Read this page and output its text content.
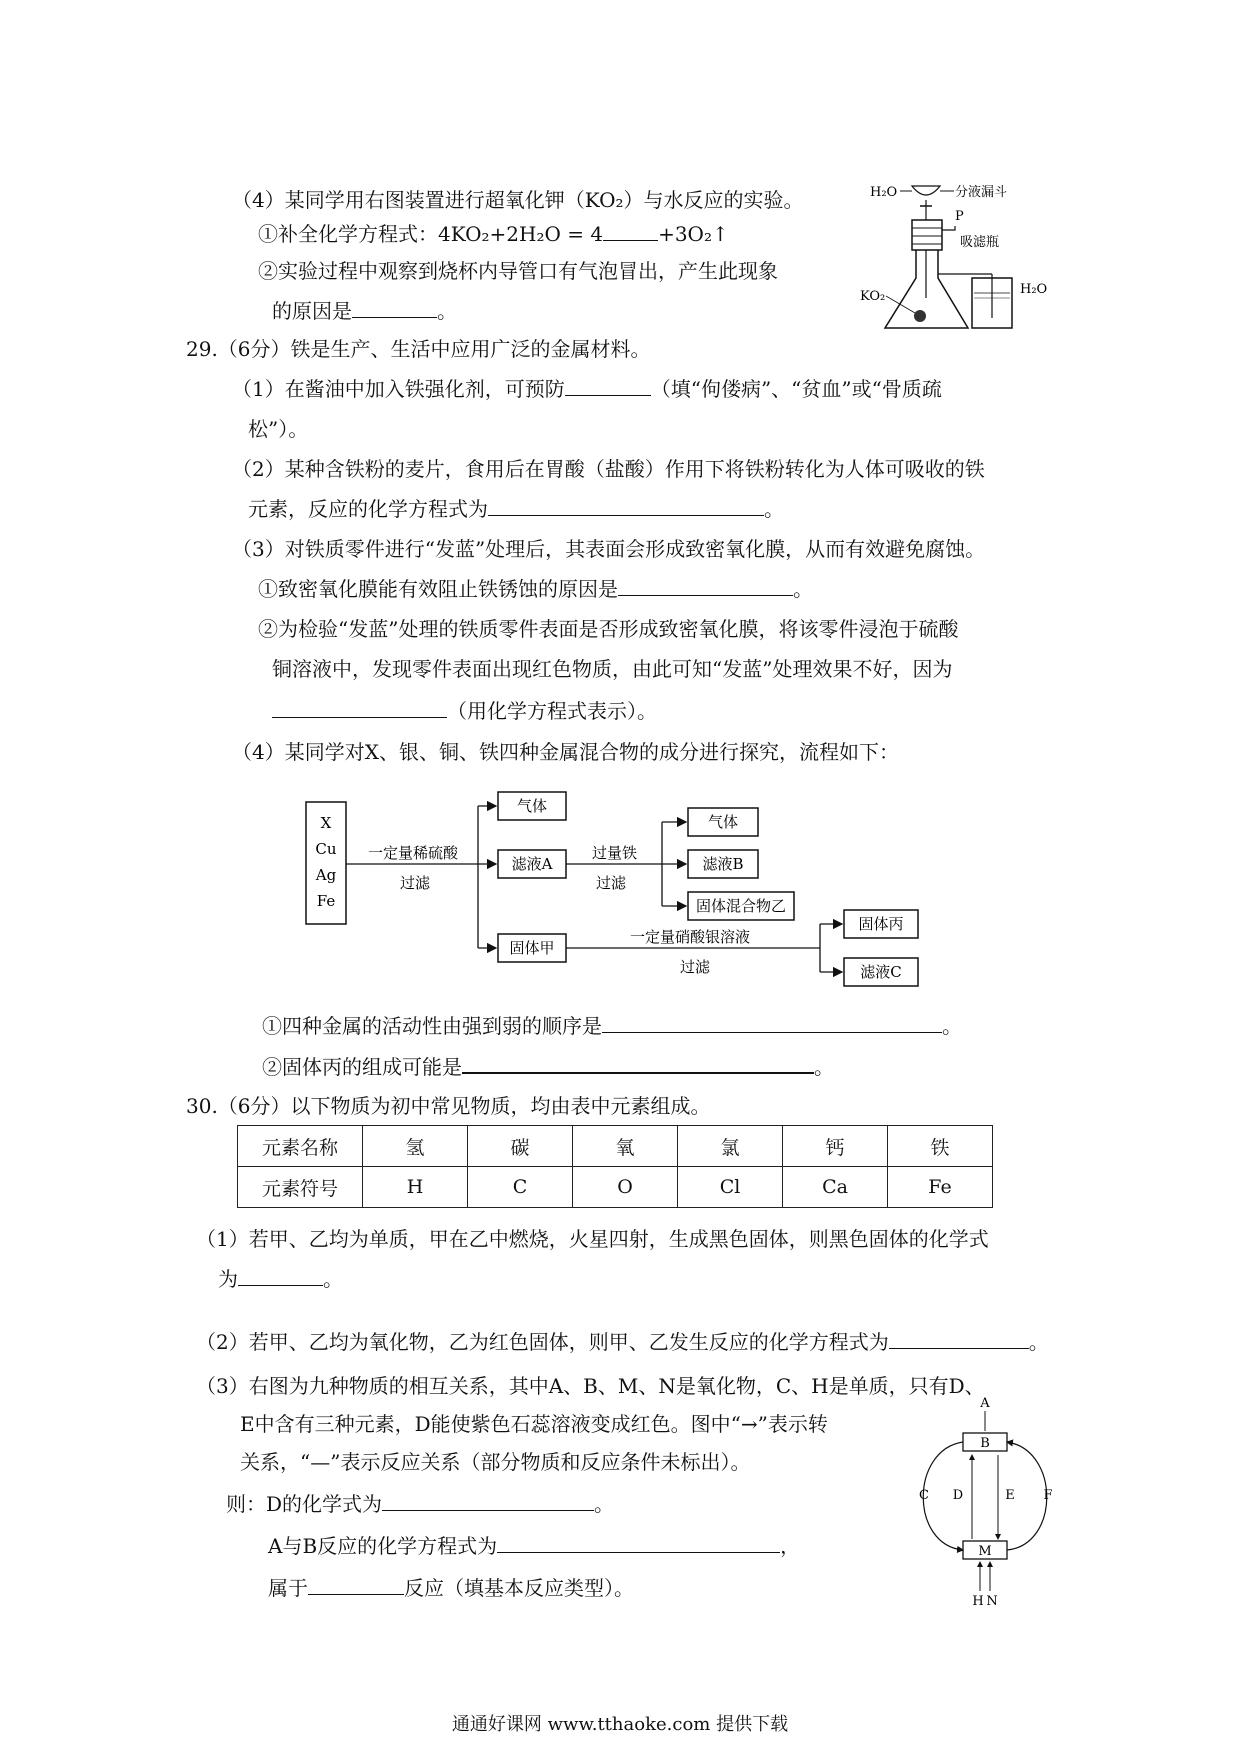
（4）某同学用右图装置进行超氧化钾（KO₂）与水反应的实验。
①补全化学方程式：4KO₂+2H₂O = 4	+3O₂↑
②实验过程中观察到烧杯内导管口有气泡冒出，产生此现象
的原因是	。
H₂O	分液漏斗
P
吸滤瓶
KO₂	H₂O
29.（6分）铁是生产、生活中应用广泛的金属材料。
（1）在酱油中加入铁强化剂，可预防	（填“佝偻病”、“贫血”或“骨质疏
松”）。
（2）某种含铁粉的麦片，食用后在胃酸（盐酸）作用下将铁粉转化为人体可吸收的铁
元素，反应的化学方程式为	。
（3）对铁质零件进行“发蓝”处理后，其表面会形成致密氧化膜，从而有效避免腐蚀。
①致密氧化膜能有效阻止铁锈蚀的原因是	。
②为检验“发蓝”处理的铁质零件表面是否形成致密氧化膜，将该零件浸泡于硫酸
铜溶液中，发现零件表面出现红色物质，由此可知“发蓝”处理效果不好，因为
（用化学方程式表示）。
（4）某同学对X、银、铜、铁四种金属混合物的成分进行探究，流程如下：
X
Cu
Ag
Fe
一定量稀硫酸
过滤
气体
滤液A
固体甲
过量铁
过滤
气体
滤液B
固体混合物乙
一定量硝酸银溶液
过滤
固体丙
滤液C
①四种金属的活动性由强到弱的顺序是	。
②固体丙的组成可能是	。
30.（6分）以下物质为初中常见物质，均由表中元素组成。
元素名称	氢	碳	氧	氯	钙	铁
元素符号	H	C	O	Cl	Ca	Fe
（1）若甲、乙均为单质，甲在乙中燃烧，火星四射，生成黑色固体，则黑色固体的化学式
为	。
（2）若甲、乙均为氧化物，乙为红色固体，则甲、乙发生反应的化学方程式为	。
（3）右图为九种物质的相互关系，其中A、B、M、N是氧化物，C、H是单质，只有D、
E中含有三种元素，D能使紫色石蕊溶液变成红色。图中“→”表示转
关系，“—”表示反应关系（部分物质和反应条件未标出）。
则：D的化学式为	。
A与B反应的化学方程式为	，
属于	反应（填基本反应类型）。
A
B
M
C	F
D	E
H N
通通好课网 www.tthaoke.com 提供下载
